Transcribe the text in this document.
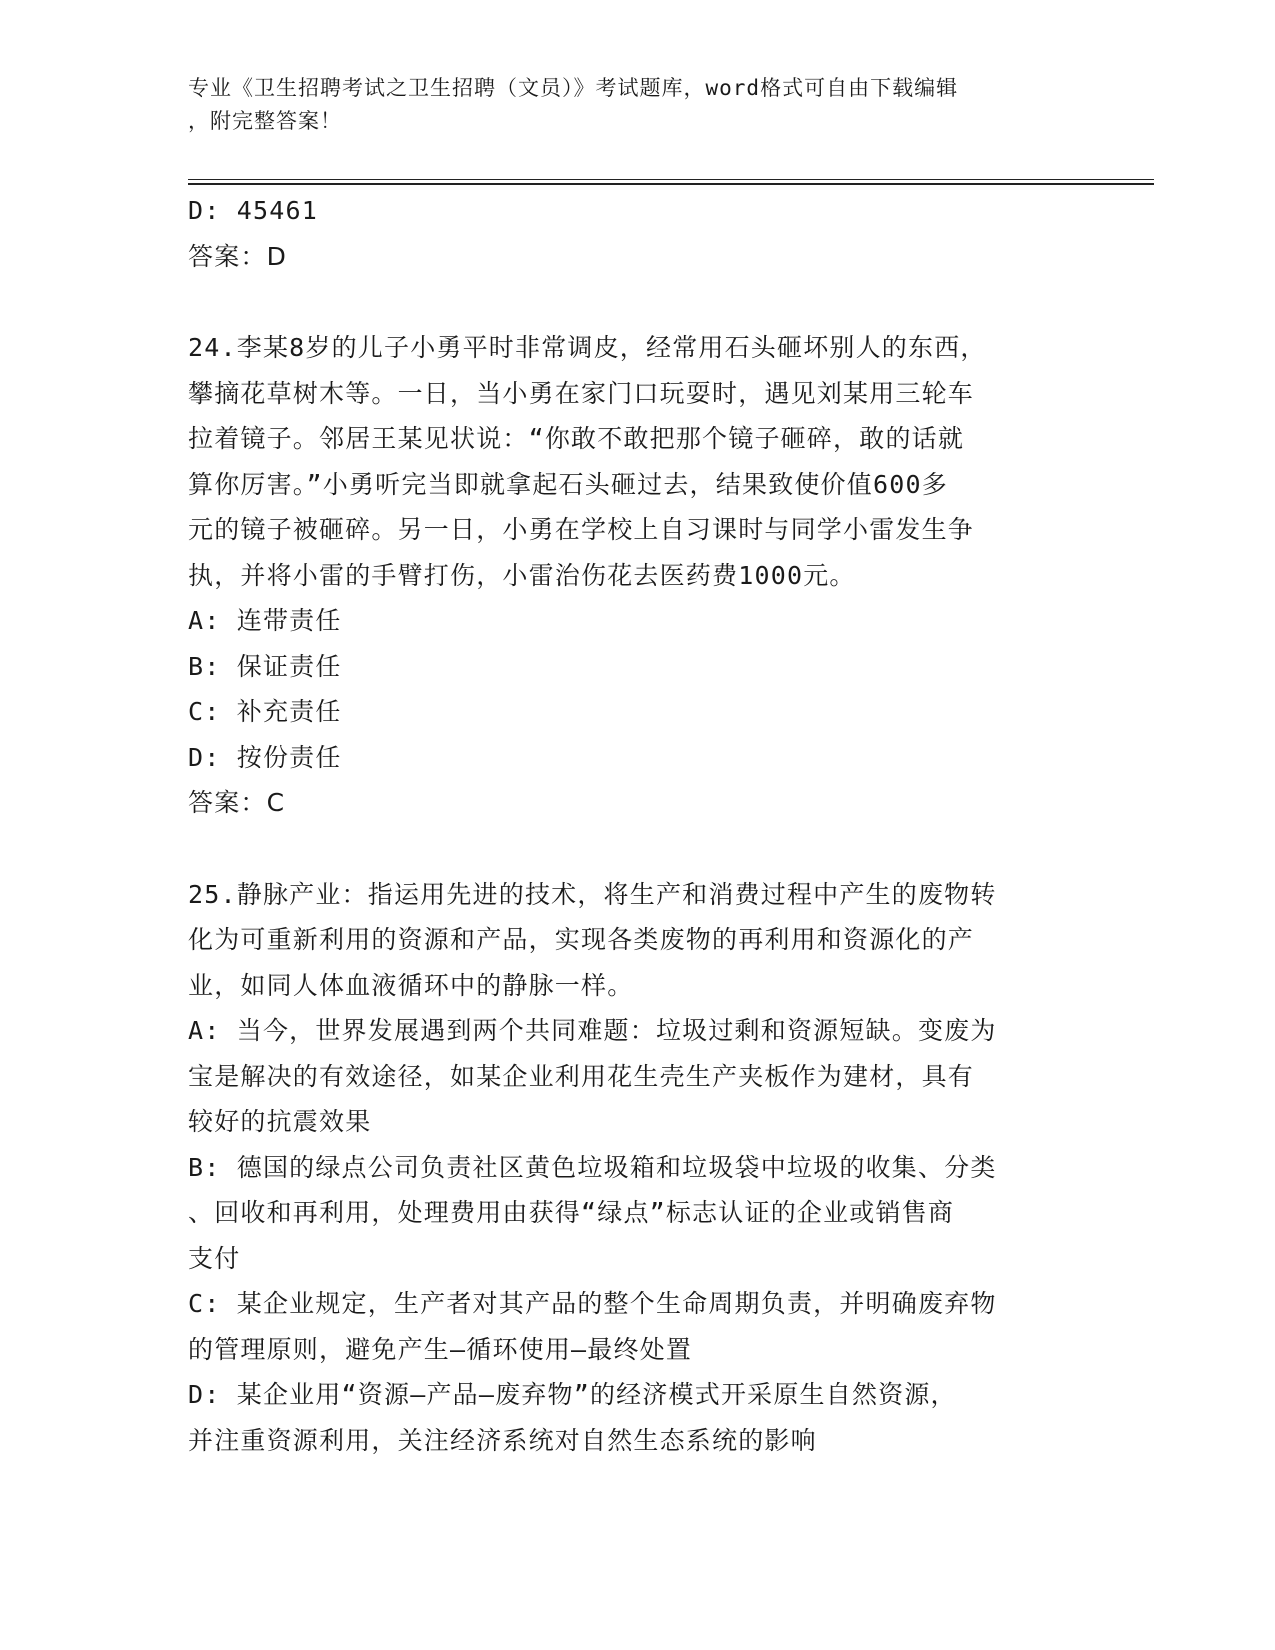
专业《卫生招聘考试之卫生招聘（文员）》考试题库，word格式可自由下载编辑
，附完整答案！
D: 45461
答案：D
24.李某8岁的儿子小勇平时非常调皮，经常用石头砸坏别人的东西，
攀摘花草树木等。一日，当小勇在家门口玩耍时，遇见刘某用三轮车
拉着镜子。邻居王某见状说：“你敢不敢把那个镜子砸碎，敢的话就
算你厉害。”小勇听完当即就拿起石头砸过去，结果致使价值600多
元的镜子被砸碎。另一日，小勇在学校上自习课时与同学小雷发生争
执，并将小雷的手臂打伤，小雷治伤花去医药费1000元。
A: 连带责任
B: 保证责任
C: 补充责任
D: 按份责任
答案：C
25.静脉产业：指运用先进的技术，将生产和消费过程中产生的废物转
化为可重新利用的资源和产品，实现各类废物的再利用和资源化的产
业，如同人体血液循环中的静脉一样。
A: 当今，世界发展遇到两个共同难题：垃圾过剩和资源短缺。变废为
宝是解决的有效途径，如某企业利用花生壳生产夹板作为建材，具有
较好的抗震效果
B: 德国的绿点公司负责社区黄色垃圾箱和垃圾袋中垃圾的收集、分类
、回收和再利用，处理费用由获得“绿点”标志认证的企业或销售商
支付
C: 某企业规定，生产者对其产品的整个生命周期负责，并明确废弃物
的管理原则，避免产生—循环使用—最终处置
D: 某企业用“资源—产品—废弃物”的经济模式开采原生自然资源，
并注重资源利用，关注经济系统对自然生态系统的影响
